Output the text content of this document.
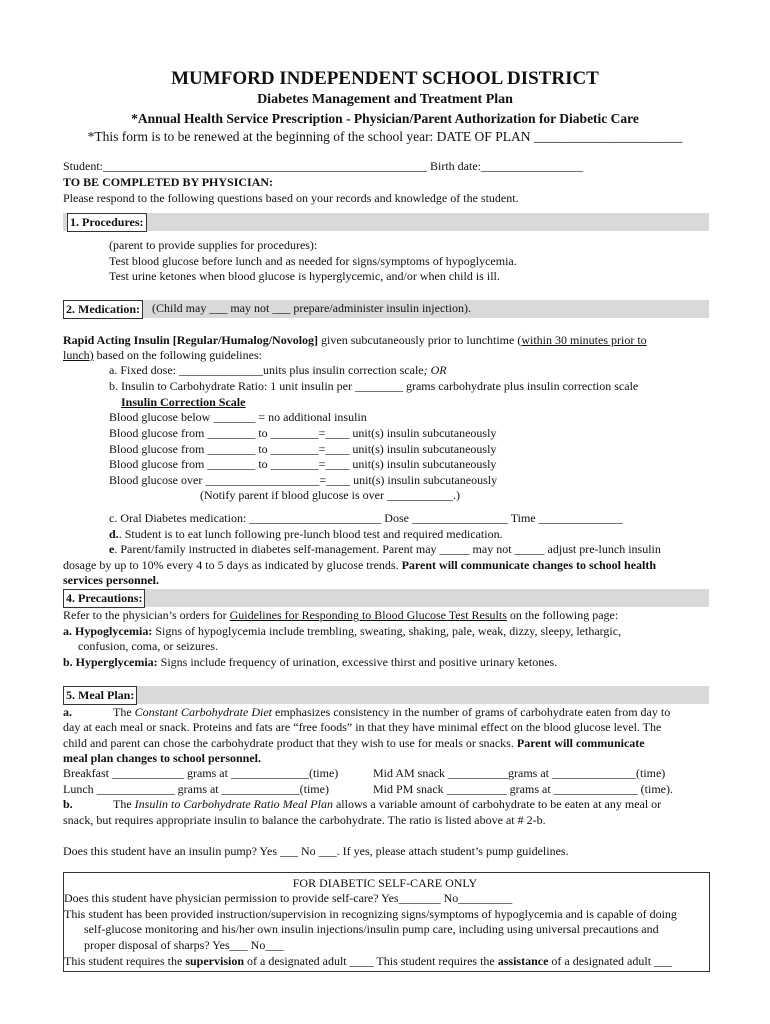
MUMFORD INDEPENDENT SCHOOL DISTRICT
Diabetes Management and Treatment Plan
*Annual Health Service Prescription - Physician/Parent Authorization for Diabetic Care
*This form is to be renewed at the beginning of the school year: DATE OF PLAN ______________________
Student:______________________________________________________ Birth date:_________________
TO BE COMPLETED BY PHYSICIAN:
Please respond to the following questions based on your records and knowledge of the student.
1. Procedures:
(parent to provide supplies for procedures):
Test blood glucose before lunch and as needed for signs/symptoms of hypoglycemia.
Test urine ketones when blood glucose is hyperglycemic, and/or when child is ill.
2. Medication: (Child may ___ may not ___ prepare/administer insulin injection).
Rapid Acting Insulin [Regular/Humalog/Novolog] given subcutaneously prior to lunchtime (within 30 minutes prior to
lunch) based on the following guidelines:
a. Fixed dose: ______________units plus insulin correction scale; OR
b. Insulin to Carbohydrate Ratio: 1 unit insulin per ________ grams carbohydrate plus insulin correction scale
Insulin Correction Scale
Blood glucose below _______ = no additional insulin
Blood glucose from ________ to ________=____ unit(s) insulin subcutaneously
Blood glucose from ________ to ________=____ unit(s) insulin subcutaneously
Blood glucose from ________ to ________=____ unit(s) insulin subcutaneously
Blood glucose over ___________________=____ unit(s) insulin subcutaneously
(Notify parent if blood glucose is over ___________.)
c. Oral Diabetes medication: ______________________ Dose ________________ Time ______________
d.. Student is to eat lunch following pre-lunch blood test and required medication.
e. Parent/family instructed in diabetes self-management. Parent may _____ may not _____ adjust pre-lunch insulin
dosage by up to 10% every 4 to 5 days as indicated by glucose trends. Parent will communicate changes to school health
services personnel.
4. Precautions:
Refer to the physician’s orders for Guidelines for Responding to Blood Glucose Test Results on the following page:
a. Hypoglycemia: Signs of hypoglycemia include trembling, sweating, shaking, pale, weak, dizzy, sleepy, lethargic,
confusion, coma, or seizures.
b. Hyperglycemia: Signs include frequency of urination, excessive thirst and positive urinary ketones.
5. Meal Plan:
a.	The Constant Carbohydrate Diet emphasizes consistency in the number of grams of carbohydrate eaten from day to
day at each meal or snack. Proteins and fats are “free foods” in that they have minimal effect on the blood glucose level. The
child and parent can chose the carbohydrate product that they wish to use for meals or snacks. Parent will communicate
meal plan changes to school personnel.
Breakfast ____________ grams at _____________(time)	Mid AM snack __________grams at ______________(time)
Lunch _____________ grams at _____________(time)	Mid PM snack __________ grams at ______________ (time).
b.	The Insulin to Carbohydrate Ratio Meal Plan allows a variable amount of carbohydrate to be eaten at any meal or
snack, but requires appropriate insulin to balance the carbohydrate. The ratio is listed above at # 2-b.
Does this student have an insulin pump? Yes ___ No ___. If yes, please attach student’s pump guidelines.
FOR DIABETIC SELF-CARE ONLY
Does this student have physician permission to provide self-care? Yes_______ No_________
This student has been provided instruction/supervision in recognizing signs/symptoms of hypoglycemia and is capable of doing
self-glucose monitoring and his/her own insulin injections/insulin pump care, including using universal precautions and
proper disposal of sharps? Yes___ No___
This student requires the supervision of a designated adult ____ This student requires the assistance of a designated adult ___
